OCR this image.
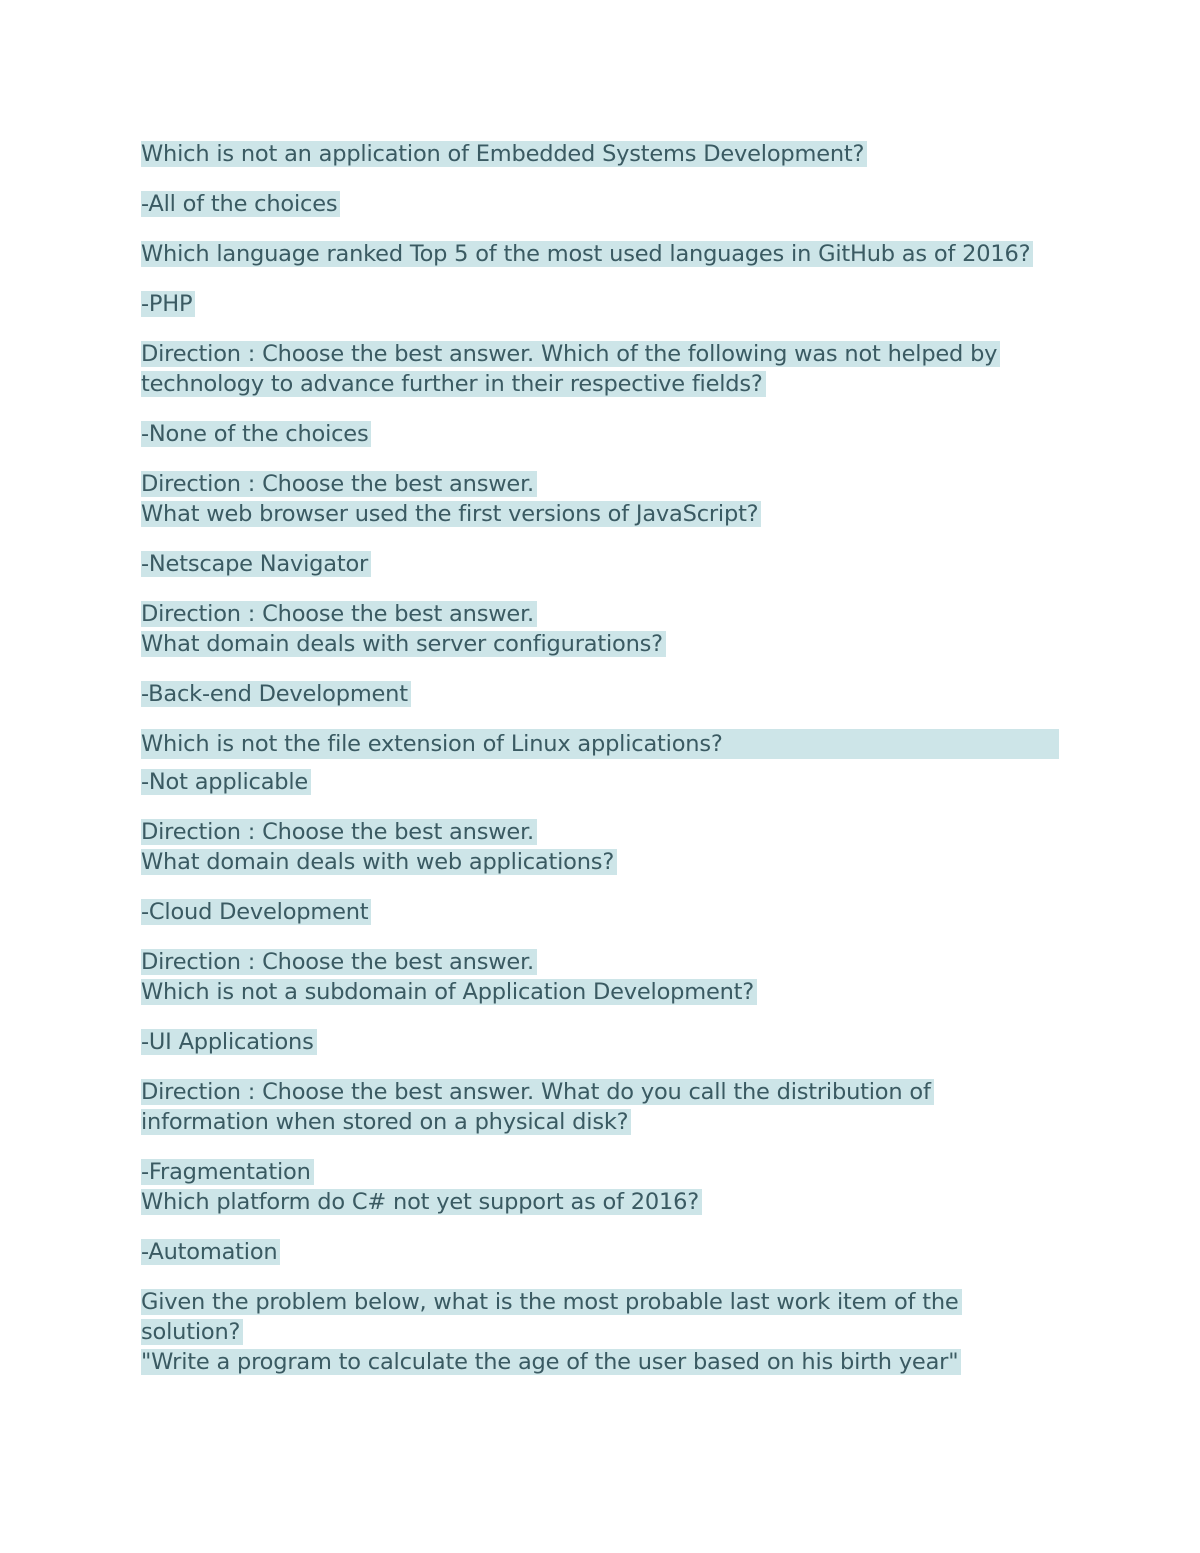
Which is not an application of Embedded Systems Development?

-All of the choices

Which language ranked Top 5 of the most used languages in GitHub as of 2016?

-PHP

Direction : Choose the best answer. Which of the following was not helped by technology to advance further in their respective fields?

-None of the choices

Direction : Choose the best answer.
What web browser used the first versions of JavaScript?

-Netscape Navigator

Direction : Choose the best answer.
What domain deals with server configurations?

-Back-end Development

Which is not the file extension of Linux applications?

-Not applicable

Direction : Choose the best answer.
What domain deals with web applications?

-Cloud Development

Direction : Choose the best answer.
Which is not a subdomain of Application Development?

-UI Applications

Direction : Choose the best answer. What do you call the distribution of information when stored on a physical disk?

-Fragmentation

Which platform do C# not yet support as of 2016?

-Automation

Given the problem below, what is the most probable last work item of the solution?
"Write a program to calculate the age of the user based on his birth year"
